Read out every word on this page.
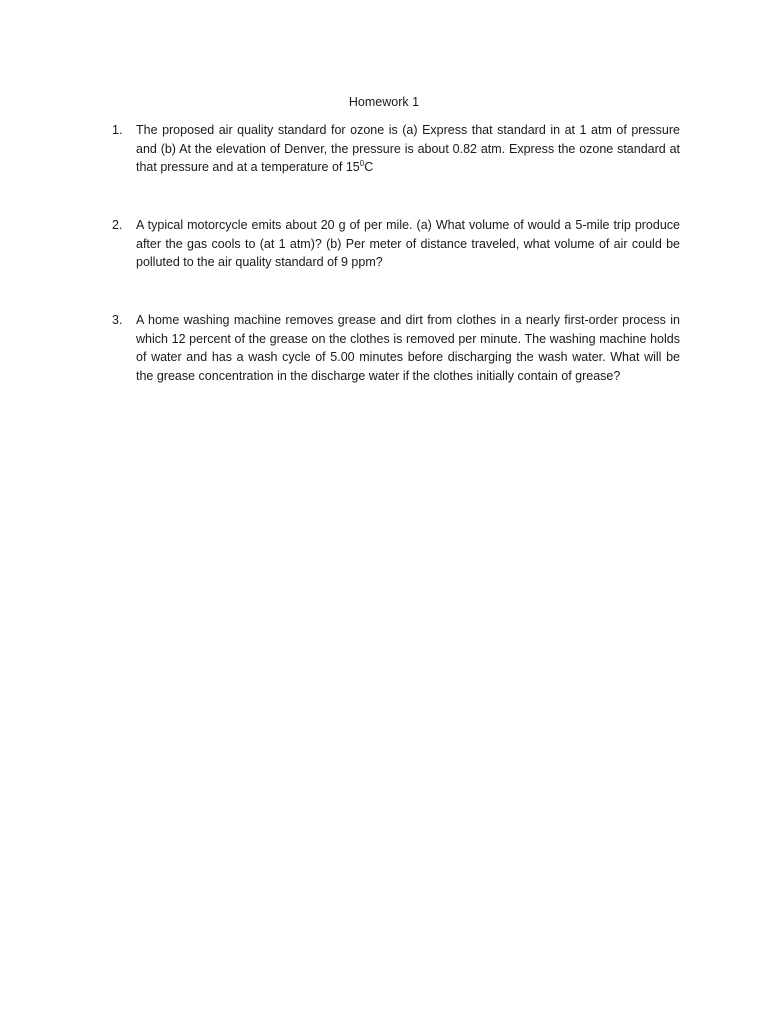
Homework 1
1.	The proposed air quality standard for ozone is (a) Express that standard in at 1 atm of pressure and (b) At the elevation of Denver, the pressure is about 0.82 atm. Express the ozone standard at that pressure and at a temperature of $15^0C$
2.	A typical motorcycle emits about 20 g of per mile. (a) What volume of would a 5-mile trip produce after the gas cools to (at 1 atm)? (b) Per meter of distance traveled, what volume of air could be polluted to the air quality standard of 9 ppm?
3.	A home washing machine removes grease and dirt from clothes in a nearly first-order process in which 12 percent of the grease on the clothes is removed per minute. The washing machine holds of water and has a wash cycle of 5.00 minutes before discharging the wash water. What will be the grease concentration in the discharge water if the clothes initially contain of grease?
